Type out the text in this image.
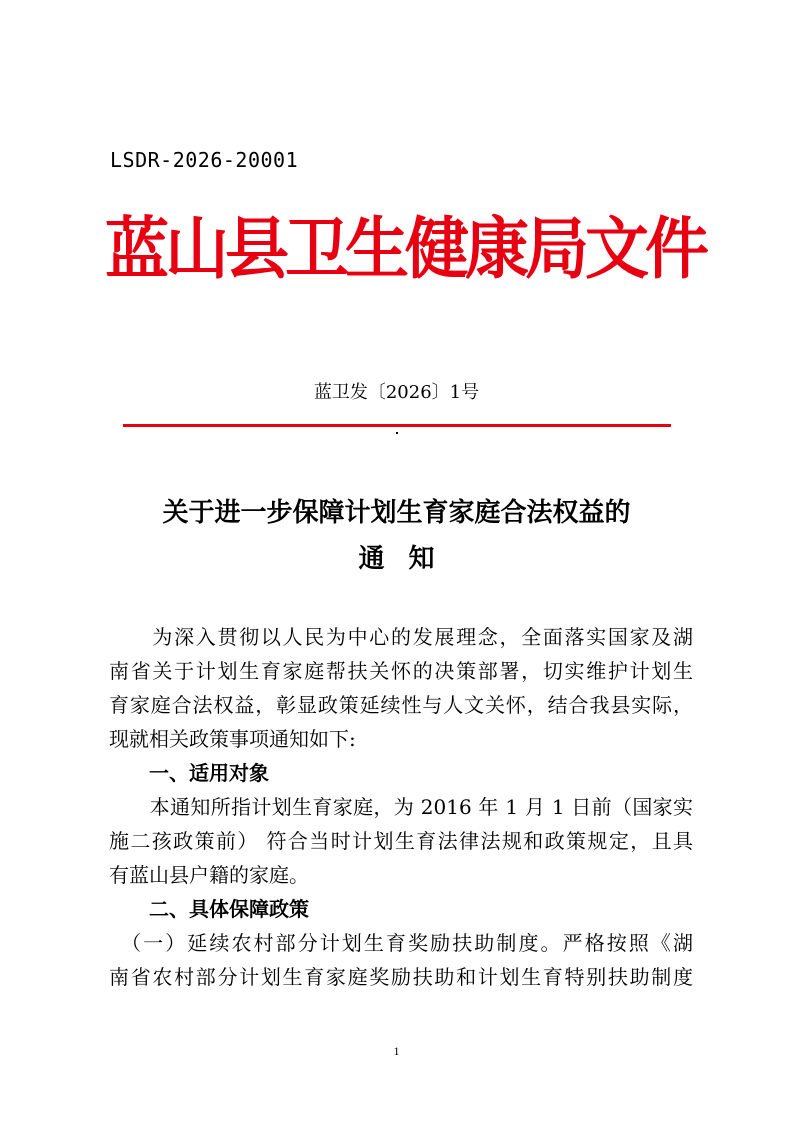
LSDR-2026-20001
蓝山县卫生健康局文件
蓝卫发〔2026〕1号
关于进一步保障计划生育家庭合法权益的
通知
　　为深入贯彻以人民为中心的发展理念，全面落实国家及湖
南省关于计划生育家庭帮扶关怀的决策部署，切实维护计划生
育家庭合法权益，彰显政策延续性与人文关怀，结合我县实际，
现就相关政策事项通知如下:
一、适用对象
　　本通知所指计划生育家庭，为 2016 年 1 月 1 日前（国家实
施二孩政策前） 符合当时计划生育法律法规和政策规定，且具
有蓝山县户籍的家庭。
二、具体保障政策
　（一）延续农村部分计划生育奖励扶助制度。严格按照《湖
南省农村部分计划生育家庭奖励扶助和计划生育特别扶助制度
1
